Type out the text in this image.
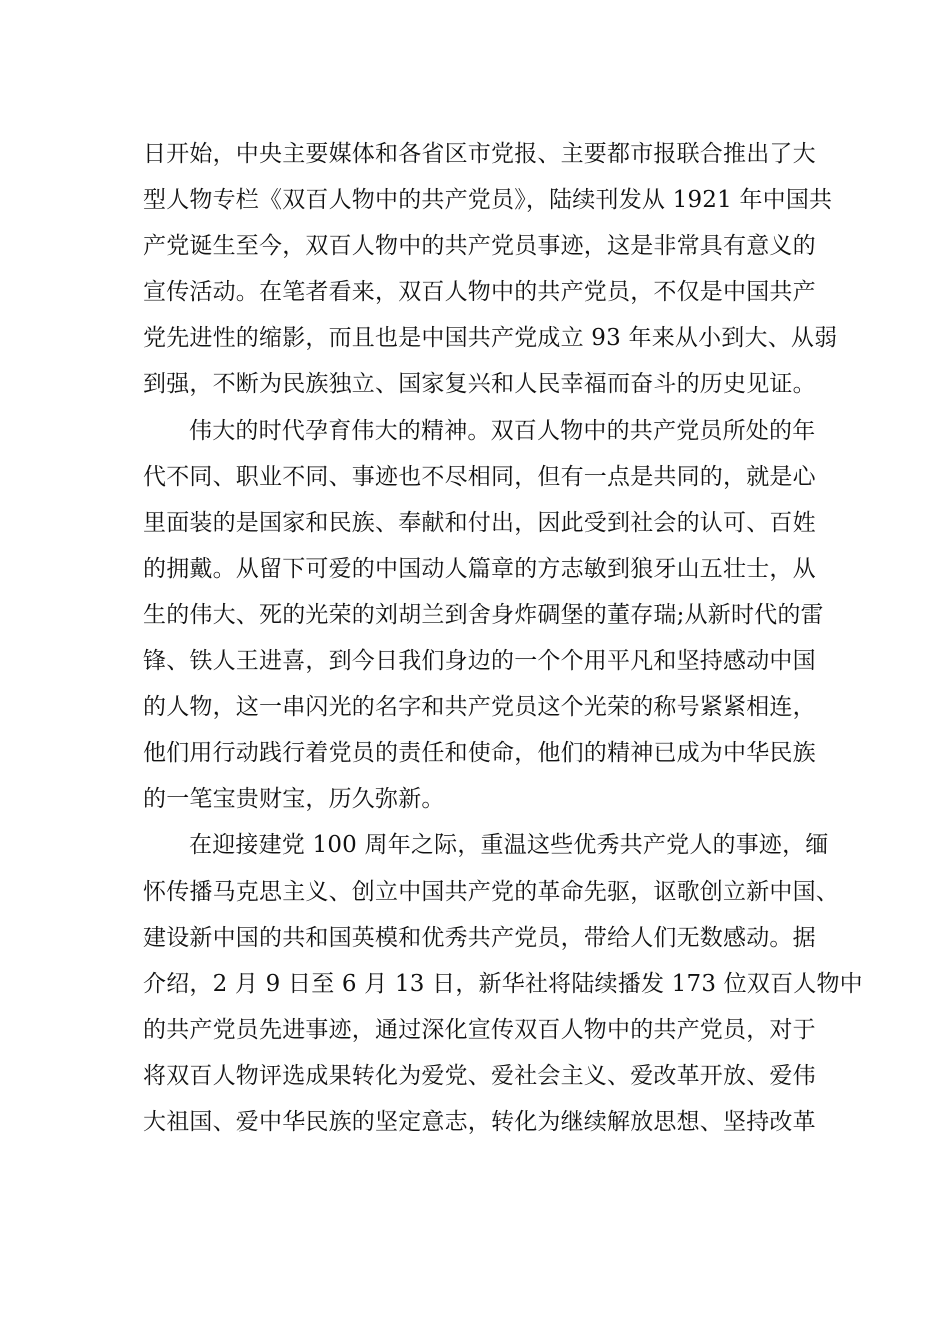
日开始，中央主要媒体和各省区市党报、主要都市报联合推出了大
型人物专栏《双百人物中的共产党员》，陆续刊发从 1921 年中国共
产党诞生至今，双百人物中的共产党员事迹，这是非常具有意义的
宣传活动。在笔者看来，双百人物中的共产党员，不仅是中国共产
党先进性的缩影，而且也是中国共产党成立 93 年来从小到大、从弱
到强，不断为民族独立、国家复兴和人民幸福而奋斗的历史见证。
伟大的时代孕育伟大的精神。双百人物中的共产党员所处的年
代不同、职业不同、事迹也不尽相同，但有一点是共同的，就是心
里面装的是国家和民族、奉献和付出，因此受到社会的认可、百姓
的拥戴。从留下可爱的中国动人篇章的方志敏到狼牙山五壮士，从
生的伟大、死的光荣的刘胡兰到舍身炸碉堡的董存瑞;从新时代的雷
锋、铁人王进喜，到今日我们身边的一个个用平凡和坚持感动中国
的人物，这一串闪光的名字和共产党员这个光荣的称号紧紧相连，
他们用行动践行着党员的责任和使命，他们的精神已成为中华民族
的一笔宝贵财宝，历久弥新。
在迎接建党 100 周年之际，重温这些优秀共产党人的事迹，缅
怀传播马克思主义、创立中国共产党的革命先驱，讴歌创立新中国、
建设新中国的共和国英模和优秀共产党员，带给人们无数感动。据
介绍，2 月 9 日至 6 月 13 日，新华社将陆续播发 173 位双百人物中
的共产党员先进事迹，通过深化宣传双百人物中的共产党员，对于
将双百人物评选成果转化为爱党、爱社会主义、爱改革开放、爱伟
大祖国、爱中华民族的坚定意志，转化为继续解放思想、坚持改革
